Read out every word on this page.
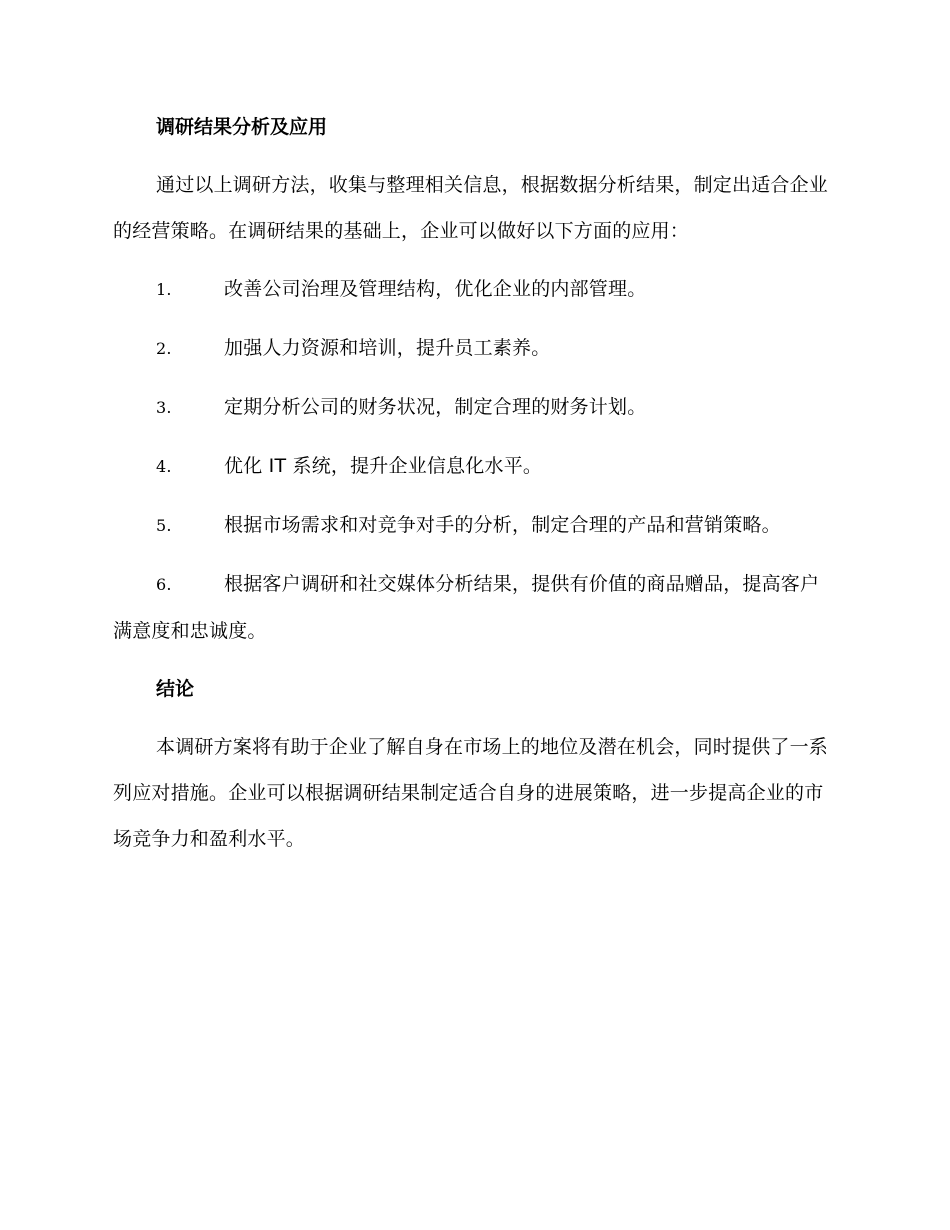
调研结果分析及应用

通过以上调研方法，收集与整理相关信息，根据数据分析结果，制定出适合企业的经营策略。在调研结果的基础上，企业可以做好以下方面的应用：

1.	改善公司治理及管理结构，优化企业的内部管理。

2.	加强人力资源和培训，提升员工素养。

3.	定期分析公司的财务状况，制定合理的财务计划。

4.	优化 IT 系统，提升企业信息化水平。

5.	根据市场需求和对竞争对手的分析，制定合理的产品和营销策略。

6.	根据客户调研和社交媒体分析结果，提供有价值的商品赠品，提高客户满意度和忠诚度。

结论

本调研方案将有助于企业了解自身在市场上的地位及潜在机会，同时提供了一系列应对措施。企业可以根据调研结果制定适合自身的进展策略，进一步提高企业的市场竞争力和盈利水平。
